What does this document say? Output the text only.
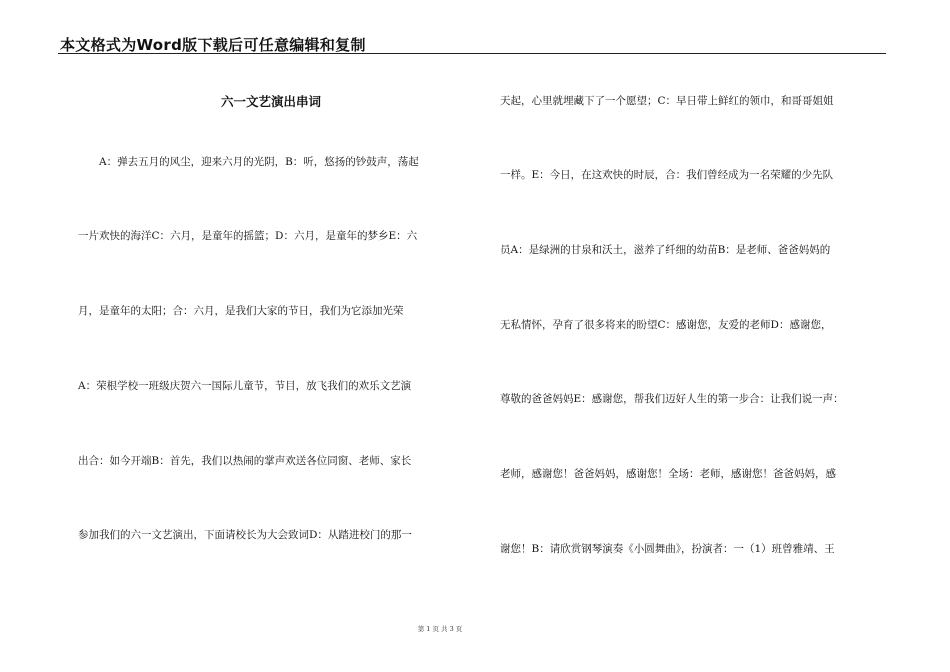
本文格式为Word版下载后可任意编辑和复制
六一文艺演出串词
　　A：弹去五月的风尘，迎来六月的光阴，B：听，悠扬的钞鼓声，荡起
一片欢快的海洋C：六月，是童年的摇篮；D：六月，是童年的梦乡E：六
月，是童年的太阳；合：六月，是我们大家的节日，我们为它添加光荣
A：荣根学校一班级庆贺六一国际儿童节，节目，放飞我们的欢乐文艺演
出合：如今开端B：首先，我们以热闹的掌声欢送各位同窗、老师、家长
参加我们的六一文艺演出，下面请校长为大会致词D：从踏进校门的那一
天起，心里就埋藏下了一个愿望；C：早日带上鲜红的领巾，和哥哥姐姐
一样。E：今日，在这欢快的时辰，合：我们曾经成为一名荣耀的少先队
员A：是绿洲的甘泉和沃土，滋养了纤细的幼苗B：是老师、爸爸妈妈的
无私情怀，孕育了很多将来的盼望C：感谢您，友爱的老师D：感谢您，
尊敬的爸爸妈妈E：感谢您，帮我们迈好人生的第一步合：让我们说一声：
老师，感谢您！爸爸妈妈，感谢您！全场：老师，感谢您！爸爸妈妈，感
谢您！B：请欣赏钢琴演奏《小圆舞曲》，扮演者：一（1）班曾雅靖、王
第 1 页 共 3 页
